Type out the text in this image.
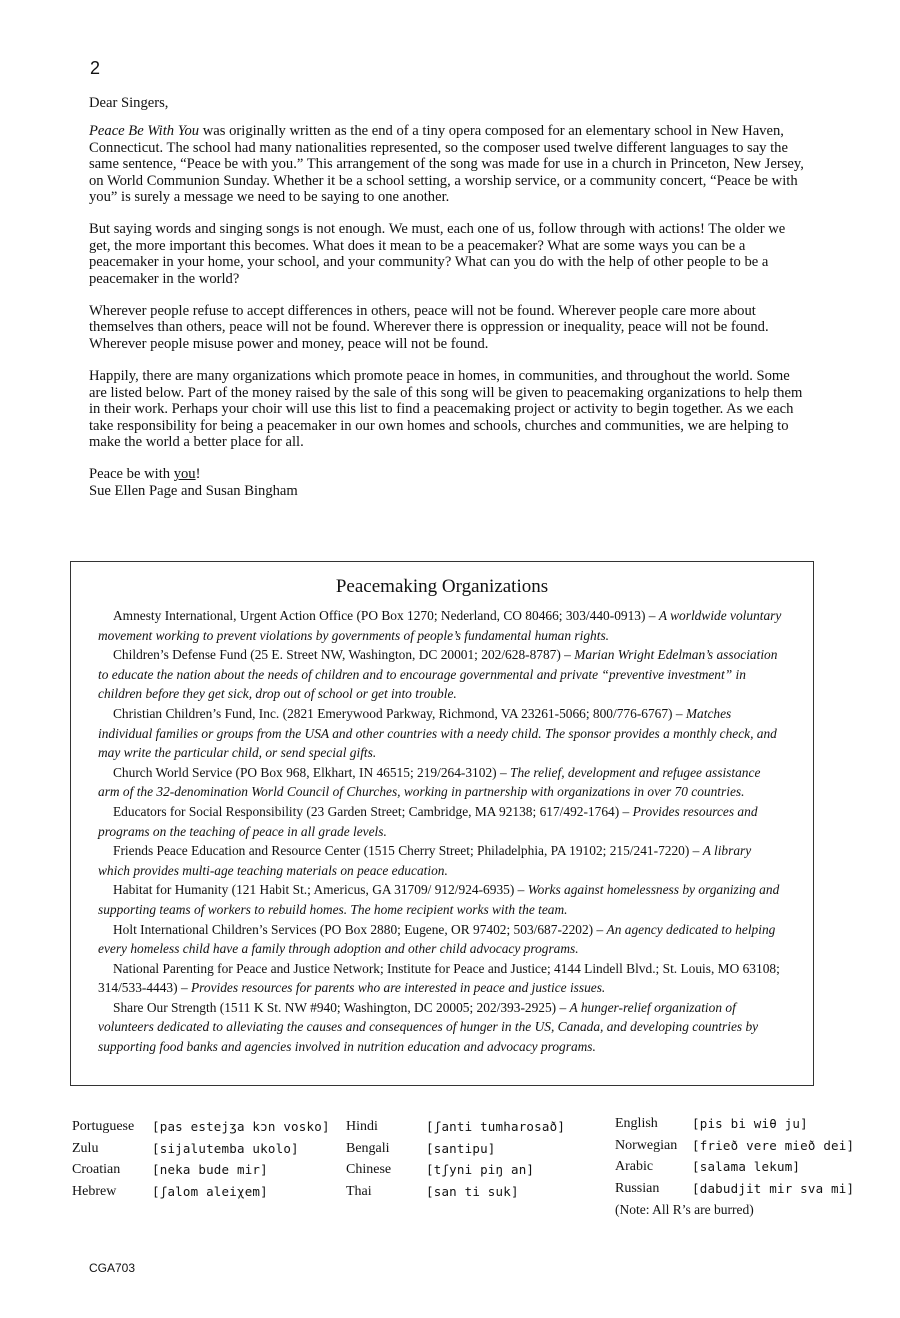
2

Dear Singers,

Peace Be With You was originally written as the end of a tiny opera composed for an elementary school in New Haven, Connecticut. The school had many nationalities represented, so the composer used twelve different languages to say the same sentence, “Peace be with you.” This arrangement of the song was made for use in a church in Princeton, New Jersey, on World Communion Sunday. Whether it be a school setting, a worship service, or a community concert, “Peace be with you” is surely a message we need to be saying to one another.

But saying words and singing songs is not enough. We must, each one of us, follow through with actions! The older we get, the more important this becomes. What does it mean to be a peacemaker? What are some ways you can be a peacemaker in your home, your school, and your community? What can you do with the help of other people to be a peacemaker in the world?

Wherever people refuse to accept differences in others, peace will not be found. Wherever people care more about themselves than others, peace will not be found. Wherever there is oppression or inequality, peace will not be found. Wherever people misuse power and money, peace will not be found.

Happily, there are many organizations which promote peace in homes, in communities, and throughout the world. Some are listed below. Part of the money raised by the sale of this song will be given to peacemaking organizations to help them in their work. Perhaps your choir will use this list to find a peacemaking project or activity to begin together. As we each take responsibility for being a peacemaker in our own homes and schools, churches and communities, we are helping to make the world a better place for all.

Peace be with you!

Sue Ellen Page and Susan Bingham

Peacemaking Organizations

Amnesty International, Urgent Action Office (PO Box 1270; Nederland, CO 80466; 303/440-0913) – A worldwide voluntary movement working to prevent violations by governments of people’s fundamental human rights.

Children’s Defense Fund (25 E. Street NW, Washington, DC 20001; 202/628-8787) – Marian Wright Edelman’s association to educate the nation about the needs of children and to encourage governmental and private “preventive investment” in children before they get sick, drop out of school or get into trouble.

Christian Children’s Fund, Inc. (2821 Emerywood Parkway, Richmond, VA 23261-5066; 800/776-6767) – Matches individual families or groups from the USA and other countries with a needy child. The sponsor provides a monthly check, and may write the particular child, or send special gifts.

Church World Service (PO Box 968, Elkhart, IN 46515; 219/264-3102) – The relief, development and refugee assistance arm of the 32-denomination World Council of Churches, working in partnership with organizations in over 70 countries.

Educators for Social Responsibility (23 Garden Street; Cambridge, MA 92138; 617/492-1764) – Provides resources and programs on the teaching of peace in all grade levels.

Friends Peace Education and Resource Center (1515 Cherry Street; Philadelphia, PA 19102; 215/241-7220) – A library which provides multi-age teaching materials on peace education.

Habitat for Humanity (121 Habit St.; Americus, GA 31709/ 912/924-6935) – Works against homelessness by organizing and supporting teams of workers to rebuild homes. The home recipient works with the team.

Holt International Children’s Services (PO Box 2880; Eugene, OR 97402; 503/687-2202) – An agency dedicated to helping every homeless child have a family through adoption and other child advocacy programs.

National Parenting for Peace and Justice Network; Institute for Peace and Justice; 4144 Lindell Blvd.; St. Louis, MO 63108; 314/533-4443) – Provides resources for parents who are interested in peace and justice issues.

Share Our Strength (1511 K St. NW #940; Washington, DC 20005; 202/393-2925) – A hunger-relief organization of volunteers dedicated to alleviating the causes and consequences of hunger in the US, Canada, and developing countries by supporting food banks and agencies involved in nutrition education and advocacy programs.

Portuguese [pas estejʒa kɔn vosko]
Zulu	[sijalutemba ukolo]
Croatian	[neka bude mir]
Hebrew	[ʃalom aleiχem]
Hindi	[ʃanti tumharosað]
Bengali	[santipu]
Chinese	[tʃyni piŋ an]
Thai	[san ti suk]
English	[pis bi wiθ ju]
Norwegian [frieð vere mieð dei]
Arabic	[salama lekum]
Russian	[dabudjit mir sva mi]
(Note: All R’s are burred)
CGA703
